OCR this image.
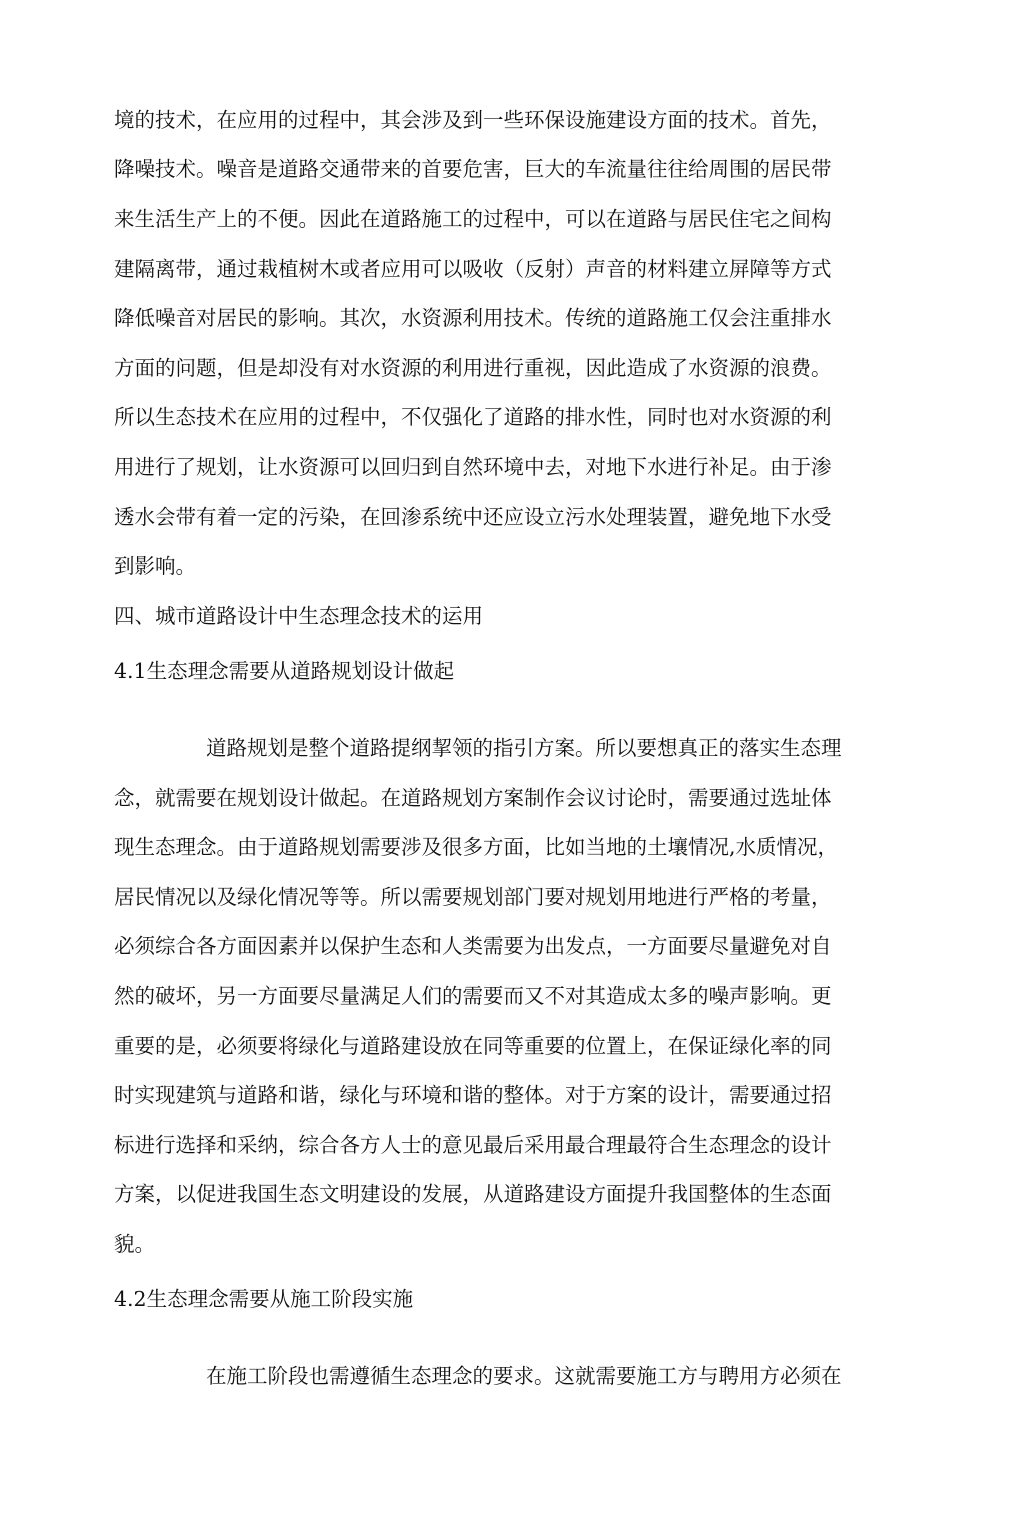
境的技术，在应用的过程中，其会涉及到一些环保设施建设方面的技术。首先，

降噪技术。噪音是道路交通带来的首要危害，巨大的车流量往往给周围的居民带

来生活生产上的不便。因此在道路施工的过程中，可以在道路与居民住宅之间构

建隔离带，通过栽植树木或者应用可以吸收（反射）声音的材料建立屏障等方式

降低噪音对居民的影响。其次，水资源利用技术。传统的道路施工仅会注重排水

方面的问题，但是却没有对水资源的利用进行重视，因此造成了水资源的浪费。

所以生态技术在应用的过程中，不仅强化了道路的排水性，同时也对水资源的利

用进行了规划，让水资源可以回归到自然环境中去，对地下水进行补足。由于渗

透水会带有着一定的污染，在回渗系统中还应设立污水处理装置，避免地下水受

到影响。

四、城市道路设计中生态理念技术的运用

4.1生态理念需要从道路规划设计做起

道路规划是整个道路提纲挈领的指引方案。所以要想真正的落实生态理

念，就需要在规划设计做起。在道路规划方案制作会议讨论时，需要通过选址体

现生态理念。由于道路规划需要涉及很多方面，比如当地的土壤情况,水质情况，

居民情况以及绿化情况等等。所以需要规划部门要对规划用地进行严格的考量，

必须综合各方面因素并以保护生态和人类需要为出发点，一方面要尽量避免对自

然的破坏，另一方面要尽量满足人们的需要而又不对其造成太多的噪声影响。更

重要的是，必须要将绿化与道路建设放在同等重要的位置上，在保证绿化率的同

时实现建筑与道路和谐，绿化与环境和谐的整体。对于方案的设计，需要通过招

标进行选择和采纳，综合各方人士的意见最后采用最合理最符合生态理念的设计

方案，以促进我国生态文明建设的发展，从道路建设方面提升我国整体的生态面

貌。

4.2生态理念需要从施工阶段实施

在施工阶段也需遵循生态理念的要求。这就需要施工方与聘用方必须在
